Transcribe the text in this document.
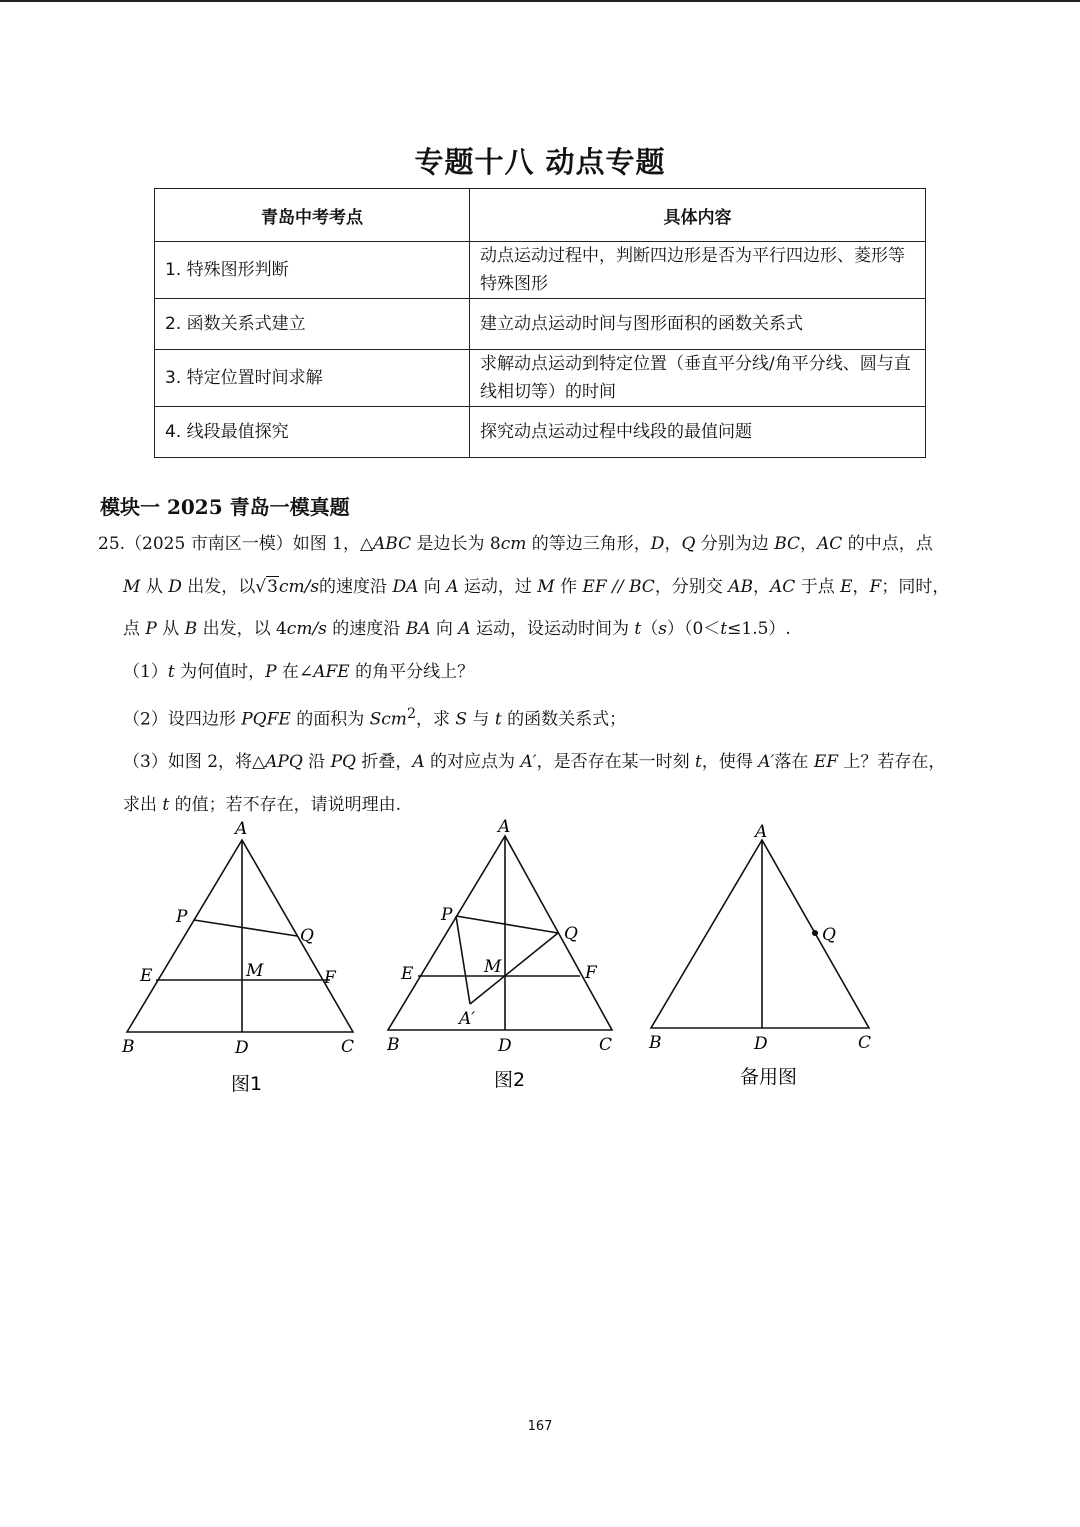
专题十八 动点专题
青岛中考考点	具体内容
1. 特殊图形判断	动点运动过程中，判断四边形是否为平行四边形、菱形等特殊图形
2. 函数关系式建立	建立动点运动时间与图形面积的函数关系式
3. 特定位置时间求解	求解动点运动到特定位置（垂直平分线/角平分线、圆与直线相切等）的时间
4. 线段最值探究	探究动点运动过程中线段的最值问题
模块一 2025 青岛一模真题

25.（2025 市南区一模）如图 1，△ABC 是边长为 8cm 的等边三角形，D，Q 分别为边 BC，AC 的中点，点

M 从 D 出发，以√3cm/s的速度沿 DA 向 A 运动，过 M 作 EF // BC，分别交 AB，AC 于点 E，F；同时，

点 P 从 B 出发，以 4cm/s 的速度沿 BA 向 A 运动，设运动时间为 t（s）（0＜t≤1.5）.

（1）t 为何值时，P 在∠AFE 的角平分线上？

（2）设四边形 PQFE 的面积为 Scm$^2$，求 S 与 t 的函数关系式；

（3）如图 2，将△APQ 沿 PQ 折叠，A 的对应点为 A′，是否存在某一时刻 t，使得 A′落在 EF 上？若存在，

求出 t 的值；若不存在，请说明理由.

A
P
Q
E	M	F
B	D	C
图1
A
P
Q
E	M	F
A′
B	D	C
图2
A
Q
B	D	C
备用图
167
